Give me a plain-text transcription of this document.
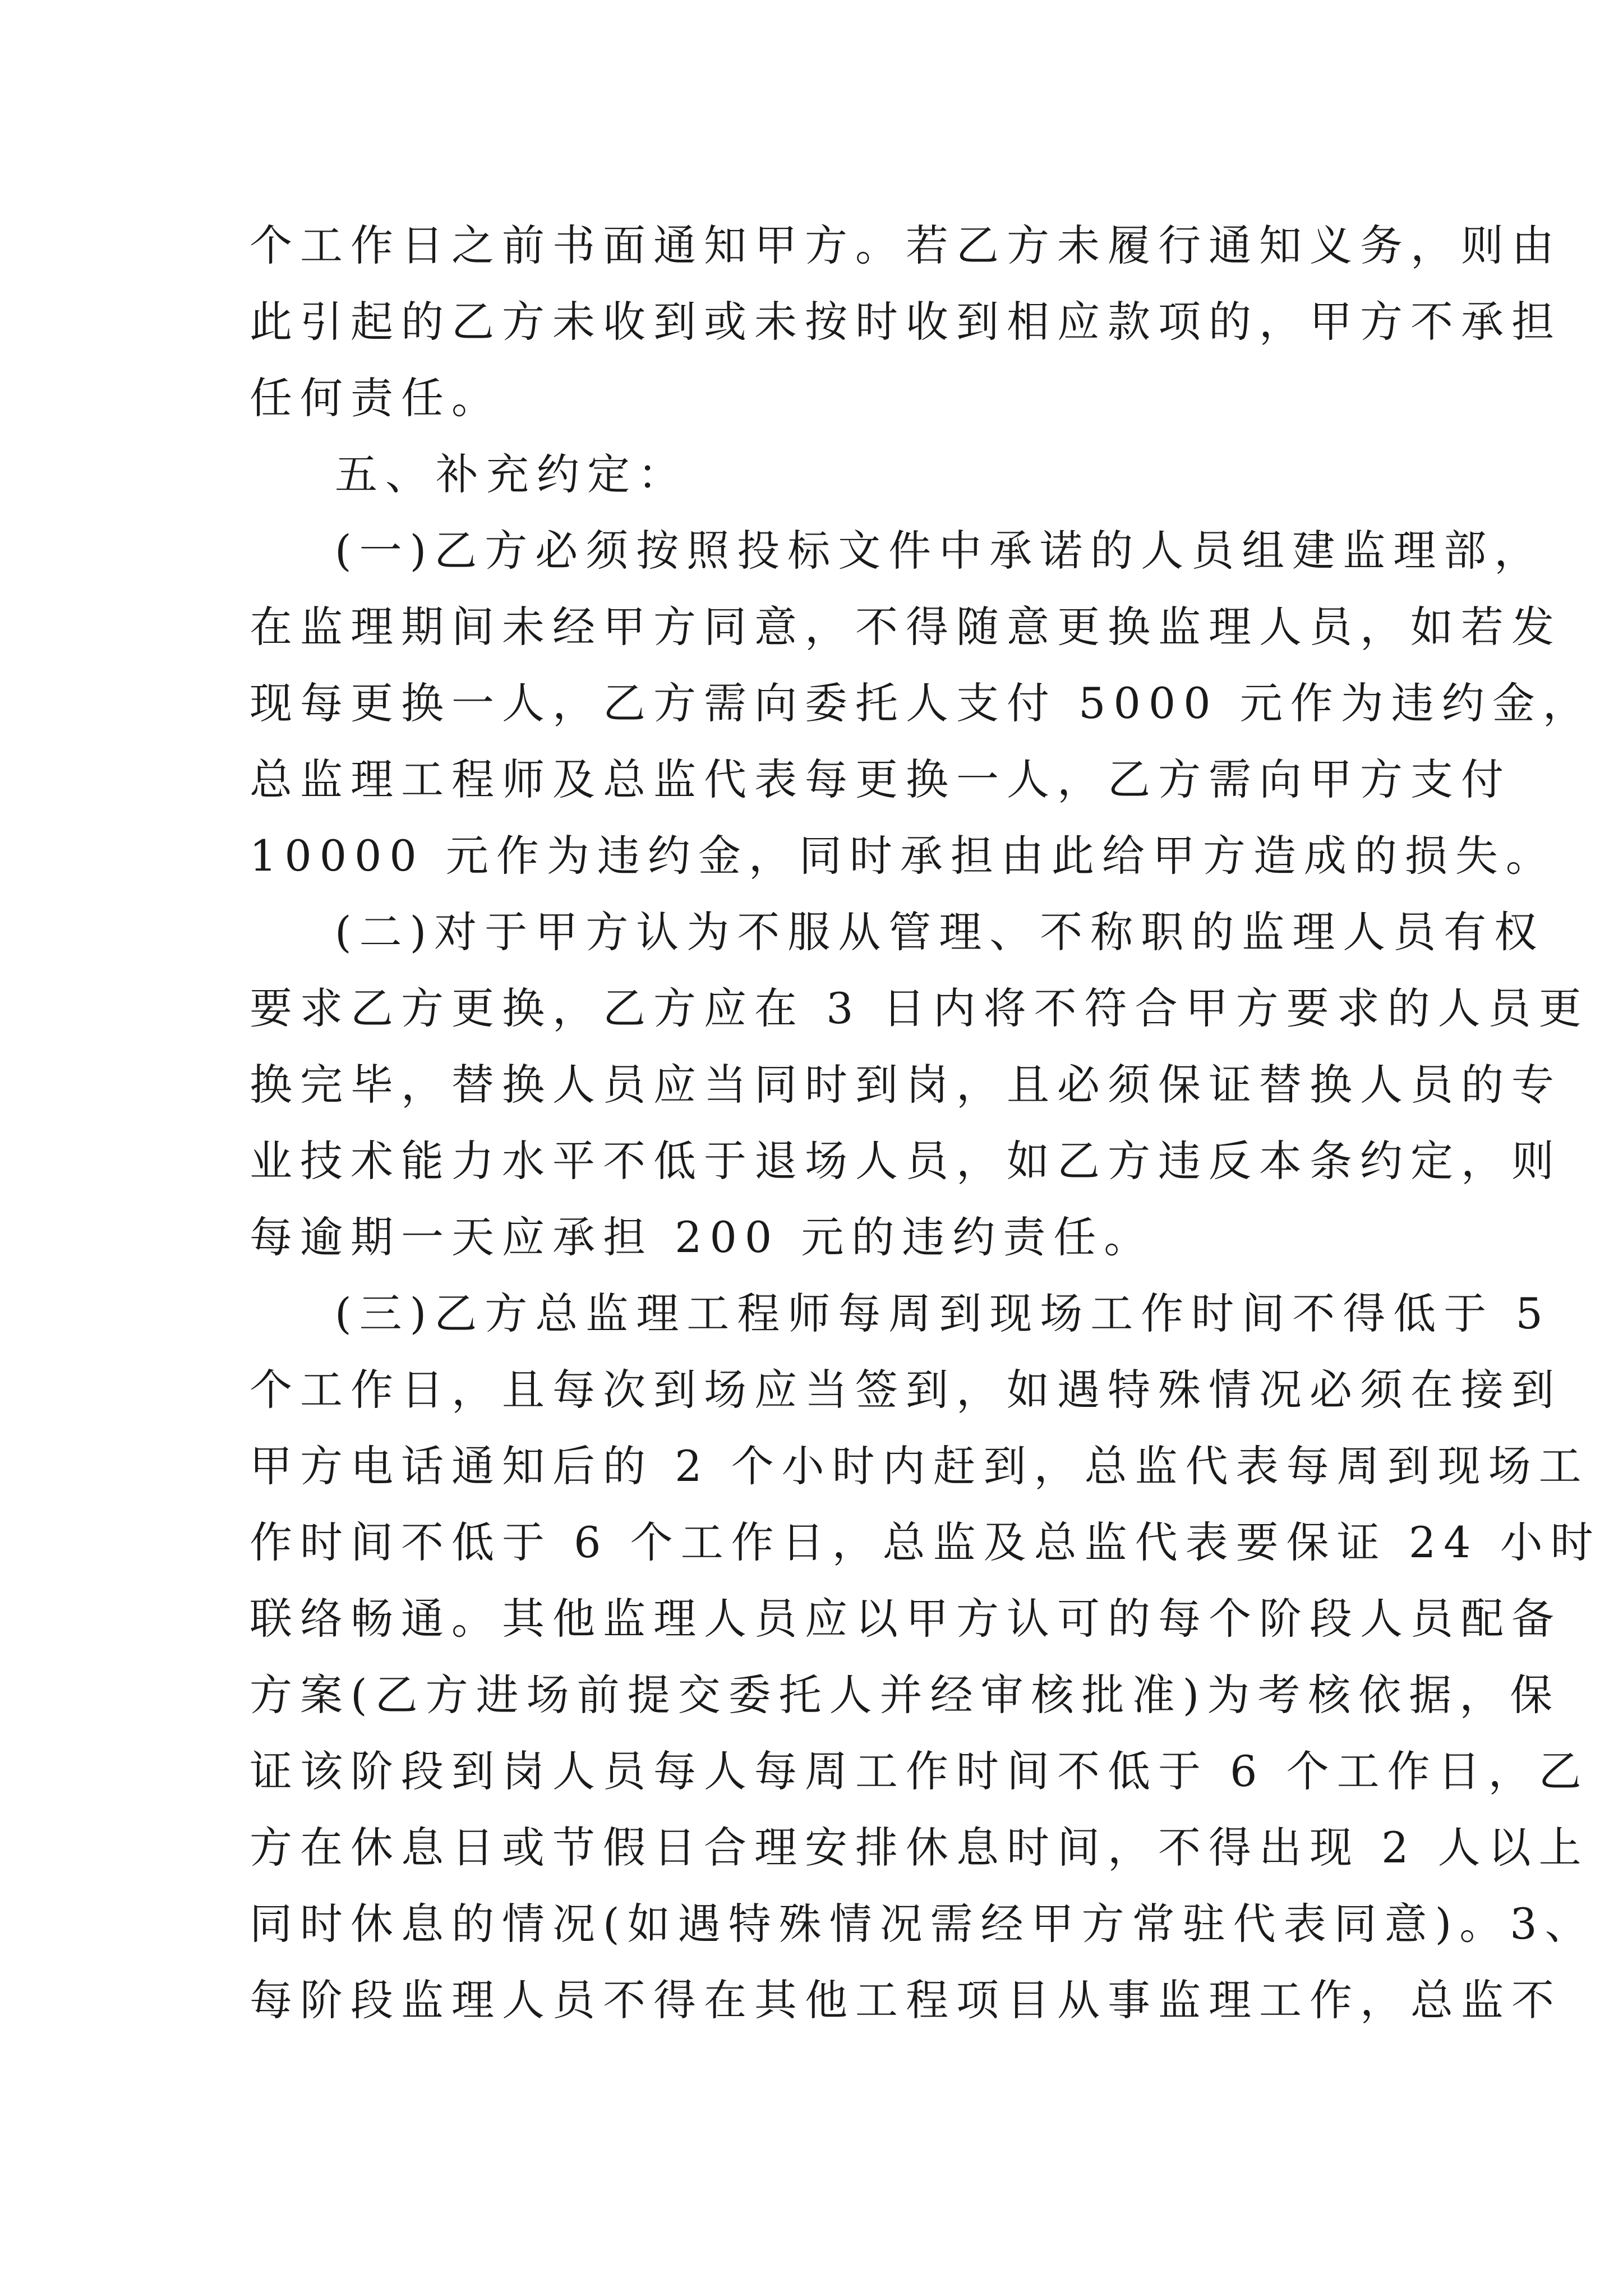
个工作日之前书面通知甲方。若乙方未履行通知义务，则由
此引起的乙方未收到或未按时收到相应款项的，甲方不承担
任何责任。
五、补充约定：
(一)乙方必须按照投标文件中承诺的人员组建监理部，
在监理期间未经甲方同意，不得随意更换监理人员，如若发
现每更换一人，乙方需向委托人支付 5000 元作为违约金，
总监理工程师及总监代表每更换一人，乙方需向甲方支付
10000 元作为违约金，同时承担由此给甲方造成的损失。
(二)对于甲方认为不服从管理、不称职的监理人员有权
要求乙方更换，乙方应在 3 日内将不符合甲方要求的人员更
换完毕，替换人员应当同时到岗，且必须保证替换人员的专
业技术能力水平不低于退场人员，如乙方违反本条约定，则
每逾期一天应承担 200 元的违约责任。
(三)乙方总监理工程师每周到现场工作时间不得低于 5
个工作日，且每次到场应当签到，如遇特殊情况必须在接到
甲方电话通知后的 2 个小时内赶到，总监代表每周到现场工
作时间不低于 6 个工作日，总监及总监代表要保证 24 小时
联络畅通。其他监理人员应以甲方认可的每个阶段人员配备
方案(乙方进场前提交委托人并经审核批准)为考核依据，保
证该阶段到岗人员每人每周工作时间不低于 6 个工作日，乙
方在休息日或节假日合理安排休息时间，不得出现 2 人以上
同时休息的情况(如遇特殊情况需经甲方常驻代表同意)。3、
每阶段监理人员不得在其他工程项目从事监理工作，总监不
